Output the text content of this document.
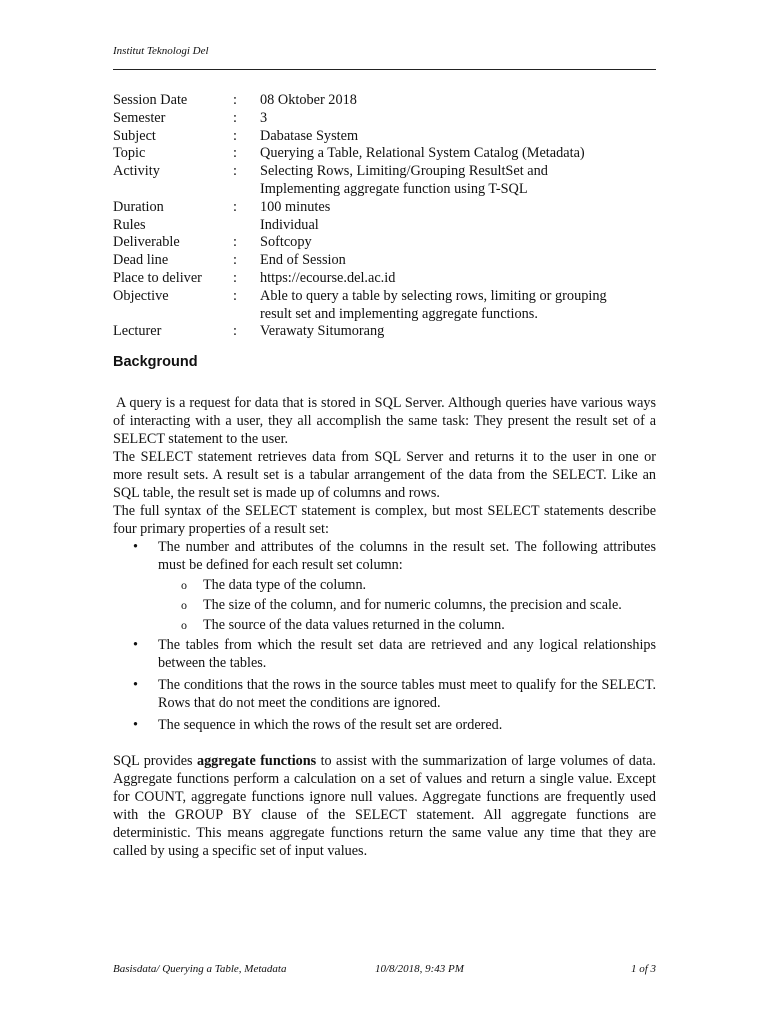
Institut Teknologi Del
Session Date	:	08 Oktober 2018
Semester	:	3
Subject	:	Dabatase System
Topic	:	Querying a Table, Relational System Catalog (Metadata)
Activity	:	Selecting Rows, Limiting/Grouping ResultSet and
Implementing aggregate function using T-SQL
Duration	:	100 minutes
Rules	Individual
Deliverable	:	Softcopy
Dead line	:	End of Session
Place to deliver	:	https://ecourse.del.ac.id
Objective	:	Able to query a table by selecting rows, limiting or grouping
result set and implementing aggregate functions.
Lecturer	:	Verawaty Situmorang
Background

A query is a request for data that is stored in SQL Server. Although queries have various ways of interacting with a user, they all accomplish the same task: They present the result set of a SELECT statement to the user.

The SELECT statement retrieves data from SQL Server and returns it to the user in one or more result sets. A result set is a tabular arrangement of the data from the SELECT. Like an SQL table, the result set is made up of columns and rows.

The full syntax of the SELECT statement is complex, but most SELECT statements describe four primary properties of a result set:

• The number and attributes of the columns in the result set. The following attributes must be defined for each result set column:
o The data type of the column.
o The size of the column, and for numeric columns, the precision and scale.
o The source of the data values returned in the column.
• The tables from which the result set data are retrieved and any logical relationships between the tables.
• The conditions that the rows in the source tables must meet to qualify for the SELECT. Rows that do not meet the conditions are ignored.
• The sequence in which the rows of the result set are ordered.

SQL provides aggregate functions to assist with the summarization of large volumes of data. Aggregate functions perform a calculation on a set of values and return a single value. Except for COUNT, aggregate functions ignore null values. Aggregate functions are frequently used with the GROUP BY clause of the SELECT statement. All aggregate functions are deterministic. This means aggregate functions return the same value any time that they are called by using a specific set of input values.

Basisdata/ Querying a Table, Metadata	10/8/2018, 9:43 PM	1 of 3
